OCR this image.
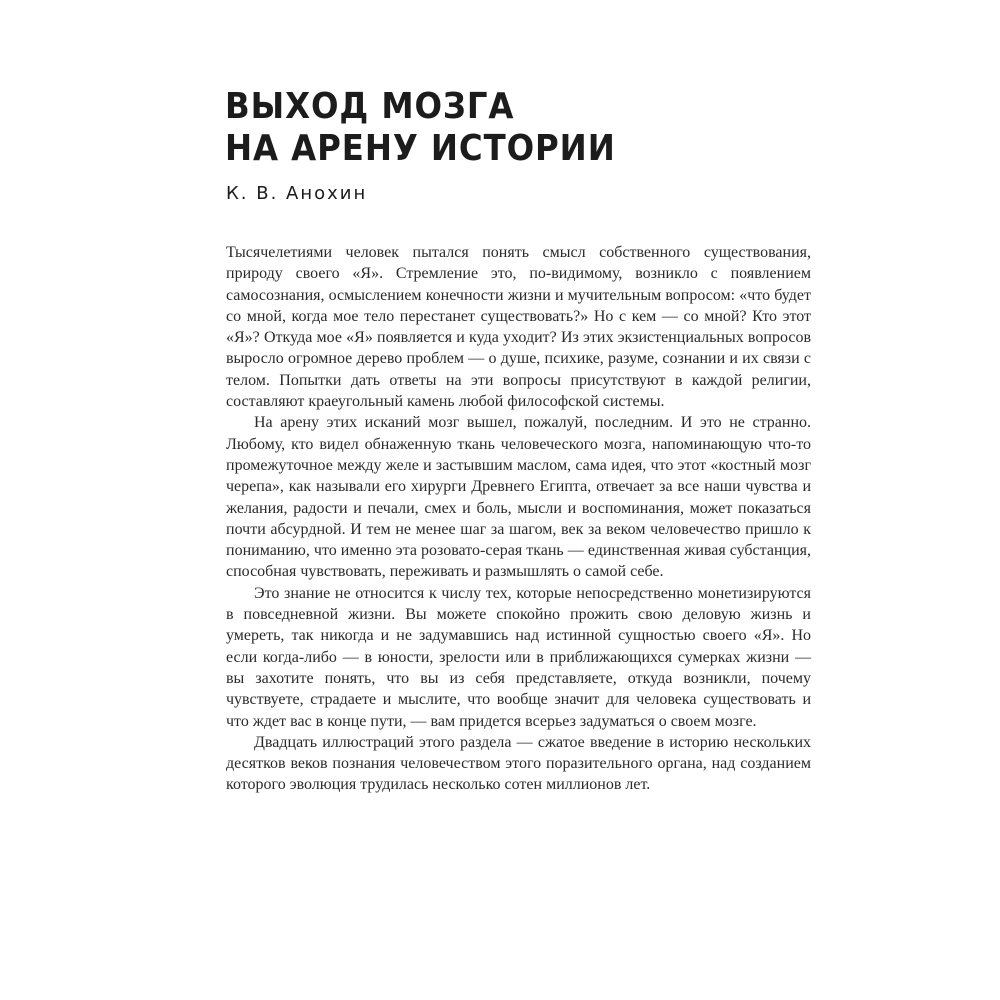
ВЫХОД МОЗГА
НА АРЕНУ ИСТОРИИ
К. В. Анохин

Тысячелетиями человек пытался понять смысл собственного существования, природу своего «Я». Стремление это, по-видимому, возникло с появлением самосознания, осмыслением конечности жизни и мучительным вопросом: «что будет со мной, когда мое тело перестанет существовать?» Но с кем — со мной? Кто этот «Я»? Откуда мое «Я» появляется и куда уходит? Из этих экзистенциальных вопросов выросло огромное дерево проблем — о душе, психике, разуме, сознании и их связи с телом. Попытки дать ответы на эти вопросы присутствуют в каждой религии, составляют краеугольный камень любой философской системы.

На арену этих исканий мозг вышел, пожалуй, последним. И это не странно. Любому, кто видел обнаженную ткань человеческого мозга, напоминающую что-то промежуточное между желе и застывшим маслом, сама идея, что этот «костный мозг черепа», как называли его хирурги Древнего Египта, отвечает за все наши чувства и желания, радости и печали, смех и боль, мысли и воспоминания, может показаться почти абсурдной. И тем не менее шаг за шагом, век за веком человечество пришло к пониманию, что именно эта розовато-серая ткань — единственная живая субстанция, способная чувствовать, переживать и размышлять о самой себе.

Это знание не относится к числу тех, которые непосредственно монетизируются в повседневной жизни. Вы можете спокойно прожить свою деловую жизнь и умереть, так никогда и не задумавшись над истинной сущностью своего «Я». Но если когда-либо — в юности, зрелости или в приближающихся сумерках жизни — вы захотите понять, что вы из себя представляете, откуда возникли, почему чувствуете, страдаете и мыслите, что вообще значит для человека существовать и что ждет вас в конце пути, — вам придется всерьез задуматься о своем мозге.

Двадцать иллюстраций этого раздела — сжатое введение в историю нескольких десятков веков познания человечеством этого поразительного органа, над созданием которого эволюция трудилась несколько сотен миллионов лет.
